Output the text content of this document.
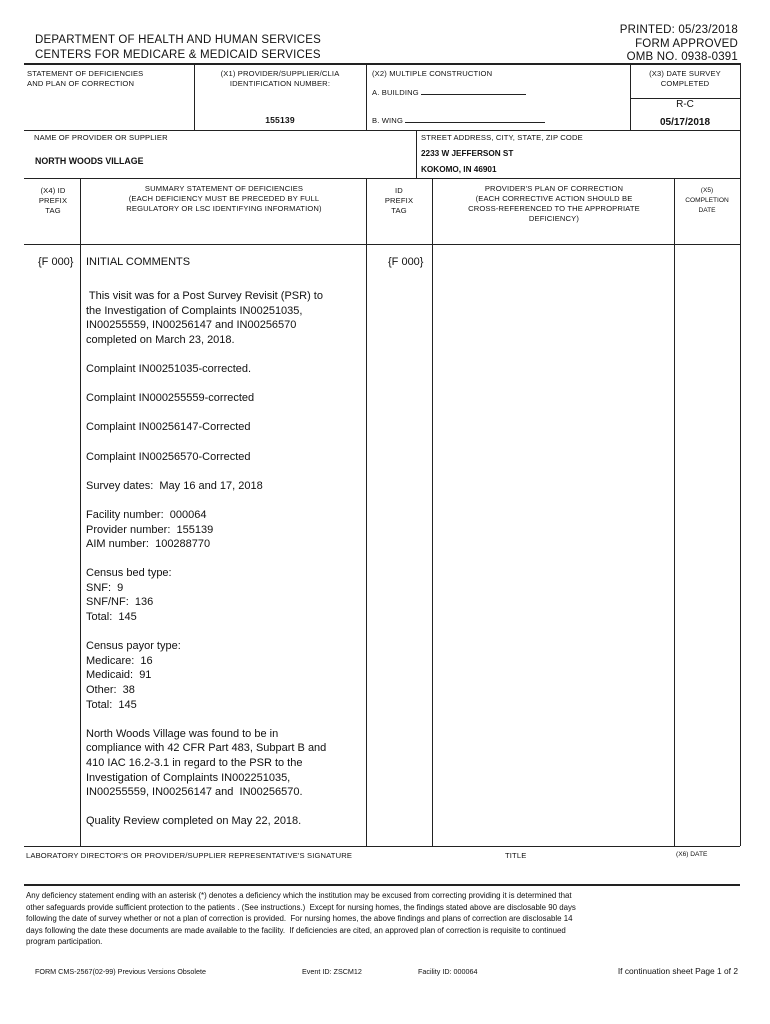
DEPARTMENT OF HEALTH AND HUMAN SERVICES
CENTERS FOR MEDICARE & MEDICAID SERVICES
PRINTED: 05/23/2018
FORM APPROVED
OMB NO. 0938-0391
STATEMENT OF DEFICIENCIES
AND PLAN OF CORRECTION
(X1) PROVIDER/SUPPLIER/CLIA
IDENTIFICATION NUMBER:
155139
(X2) MULTIPLE CONSTRUCTION
A. BUILDING
B. WING
(X3) DATE SURVEY
COMPLETED
R-C
05/17/2018
NAME OF PROVIDER OR SUPPLIER
NORTH WOODS VILLAGE
STREET ADDRESS, CITY, STATE, ZIP CODE
2233 W JEFFERSON ST
KOKOMO, IN 46901
(X4) ID
PREFIX
TAG
SUMMARY STATEMENT OF DEFICIENCIES
(EACH DEFICIENCY MUST BE PRECEDED BY FULL
REGULATORY OR LSC IDENTIFYING INFORMATION)
ID
PREFIX
TAG
PROVIDER'S PLAN OF CORRECTION
(EACH CORRECTIVE ACTION SHOULD BE
CROSS-REFERENCED TO THE APPROPRIATE
DEFICIENCY)
(X5)
COMPLETION
DATE
{F 000}	{F 000}
INITIAL COMMENTS
This visit was for a Post Survey Revisit (PSR) to
the Investigation of Complaints IN00251035,
IN00255559, IN00256147 and IN00256570
completed on March 23, 2018.
Complaint IN00251035-corrected.
Complaint IN000255559-corrected
Complaint IN00256147-Corrected
Complaint IN00256570-Corrected
Survey dates:  May 16 and 17, 2018
Facility number:  000064
Provider number:  155139
AIM number:  100288770
Census bed type:
SNF:  9
SNF/NF:  136
Total:  145
Census payor type:
Medicare:  16
Medicaid:  91
Other:  38
Total:  145
North Woods Village was found to be in
compliance with 42 CFR Part 483, Subpart B and
410 IAC 16.2-3.1 in regard to the PSR to the
Investigation of Complaints IN002251035,
IN00255559, IN00256147 and  IN00256570.
Quality Review completed on May 22, 2018.
LABORATORY DIRECTOR'S OR PROVIDER/SUPPLIER REPRESENTATIVE'S SIGNATURE	TITLE	(X6) DATE
Any deficiency statement ending with an asterisk (*) denotes a deficiency which the institution may be excused from correcting providing it is determined that
other safeguards provide sufficient protection to the patients . (See instructions.)  Except for nursing homes, the findings stated above are disclosable 90 days
following the date of survey whether or not a plan of correction is provided.  For nursing homes, the above findings and plans of correction are disclosable 14
days following the date these documents are made available to the facility.  If deficiencies are cited, an approved plan of correction is requisite to continued
program participation.
FORM CMS-2567(02-99) Previous Versions Obsolete	Event ID: ZSCM12	Facility ID: 000064	If continuation sheet Page 1 of 2
